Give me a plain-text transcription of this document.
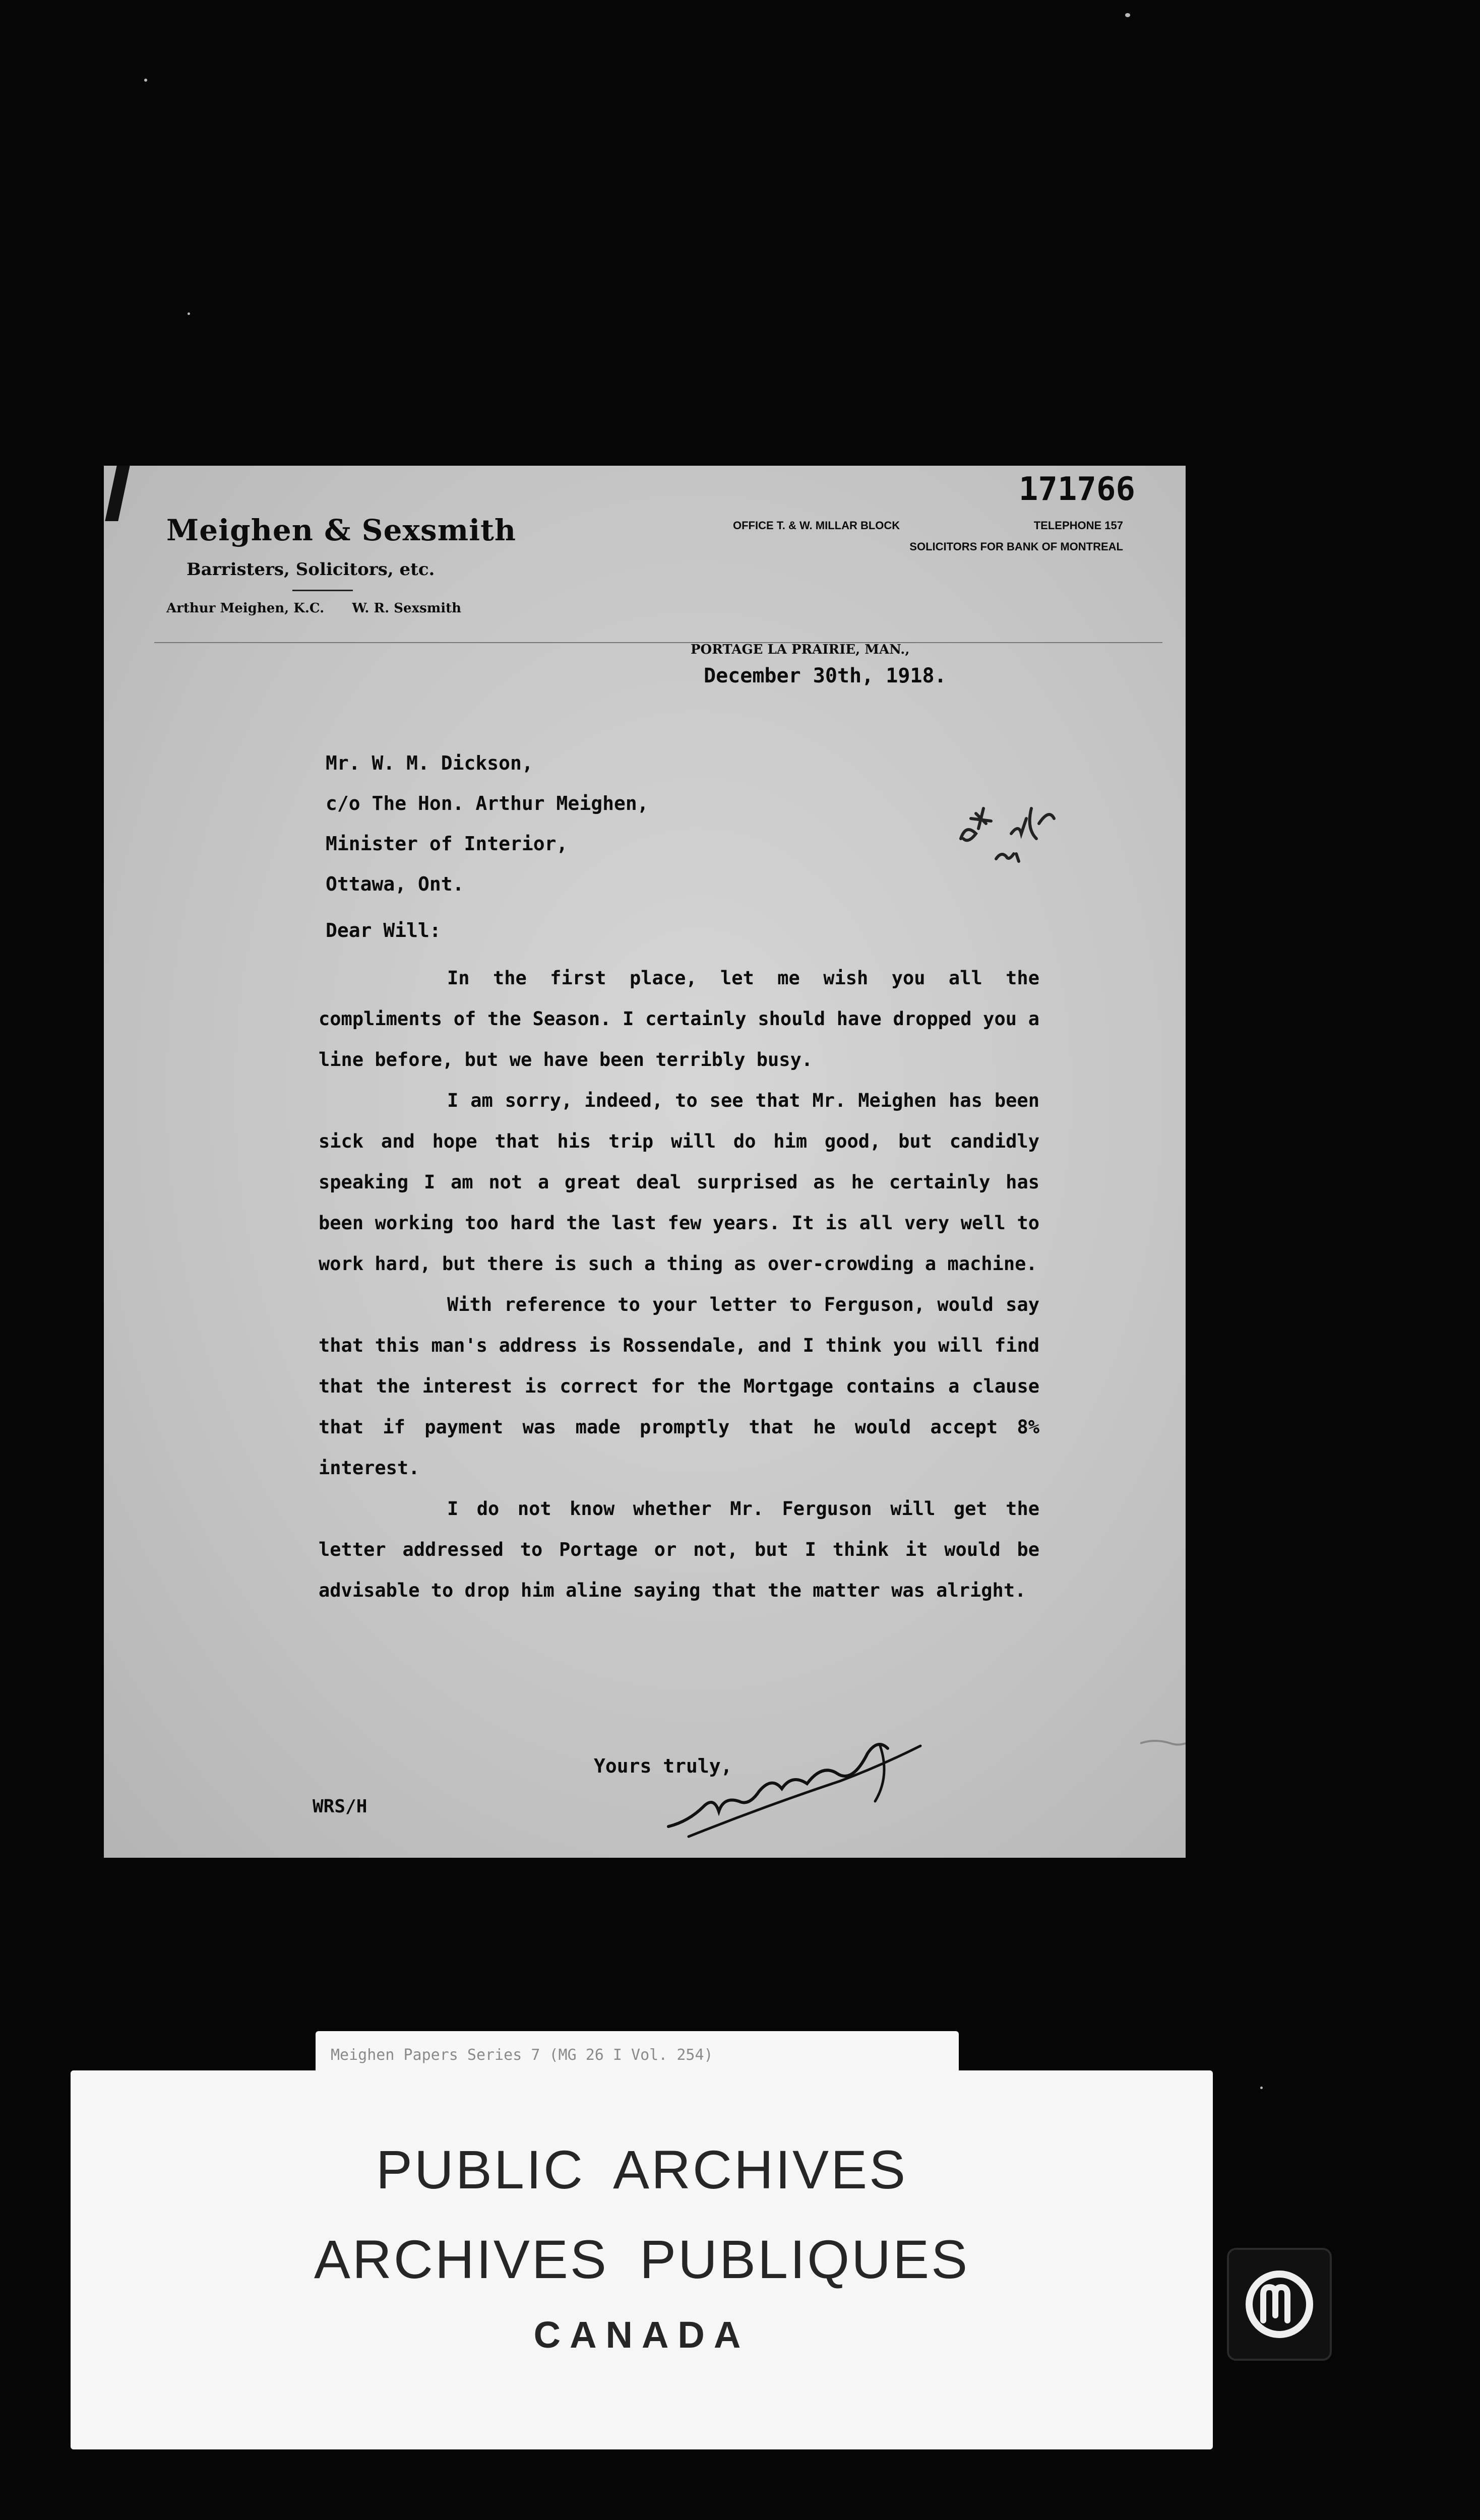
171766
Meighen & Sexsmith
Barristers, Solicitors, etc.
Arthur Meighen, K.C. W. R. Sexsmith
OFFICE T. & W. MILLAR BLOCK	TELEPHONE 157
SOLICITORS FOR BANK OF MONTREAL
PORTAGE LA PRAIRIE, MAN.,
December 30th, 1918.
Mr. W. M. Dickson,
c/o The Hon. Arthur Meighen,
Minister of Interior,
Ottawa, Ont.
Dear Will:

In the first place, let me wish you all the compliments of the Season. I certainly should have dropped you a line before, but we have been terribly busy.

I am sorry, indeed, to see that Mr. Meighen has been sick and hope that his trip will do him good, but candidly speaking I am not a great deal surprised as he certainly has been working too hard the last few years. It is all very well to work hard, but there is such a thing as over-crowding a machine.

With reference to your letter to Ferguson, would say that this man's address is Rossendale, and I think you will find that the interest is correct for the Mortgage contains a clause that if payment was made promptly that he would accept 8% interest.

I do not know whether Mr. Ferguson will get the letter addressed to Portage or not, but I think it would be advisable to drop him aline saying that the matter was alright.

Yours truly,
WRS/H
Meighen Papers Series 7 (MG 26 I Vol. 254)
PUBLIC ARCHIVES
ARCHIVES PUBLIQUES
CANADA
